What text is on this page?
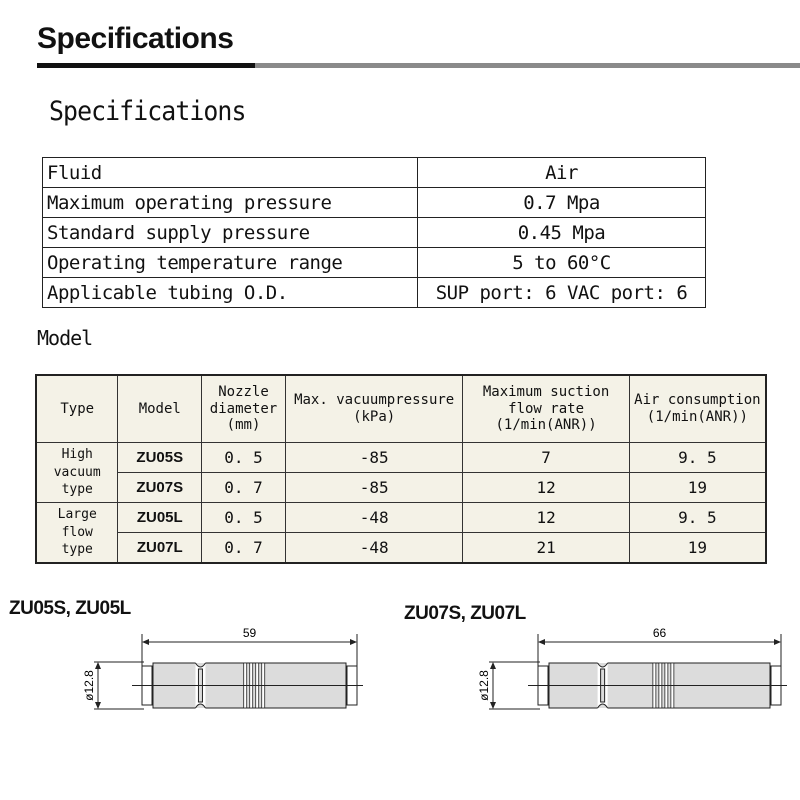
Specifications
Specifications
Fluid	Air
Maximum operating pressure	0.7 Mpa
Standard supply pressure	0.45 Mpa
Operating temperature range	5 to 60°C
Applicable tubing O.D.	SUP port: 6 VAC port: 6
Model
Type	Model	Nozzle diameter (mm)	Max. vacuumpressure (kPa)	Maximum suction flow rate (1/min(ANR))	Air consumption (1/min(ANR))
High vacuum type	ZU05S	0. 5	-85	7	9. 5
	ZU07S	0. 7	-85	12	19
Large flow type	ZU05L	0. 5	-48	12	9. 5
	ZU07L	0. 7	-48	21	19
ZU05S, ZU05L	ZU07S, ZU07L
59
ø12.8
66
ø12.8
